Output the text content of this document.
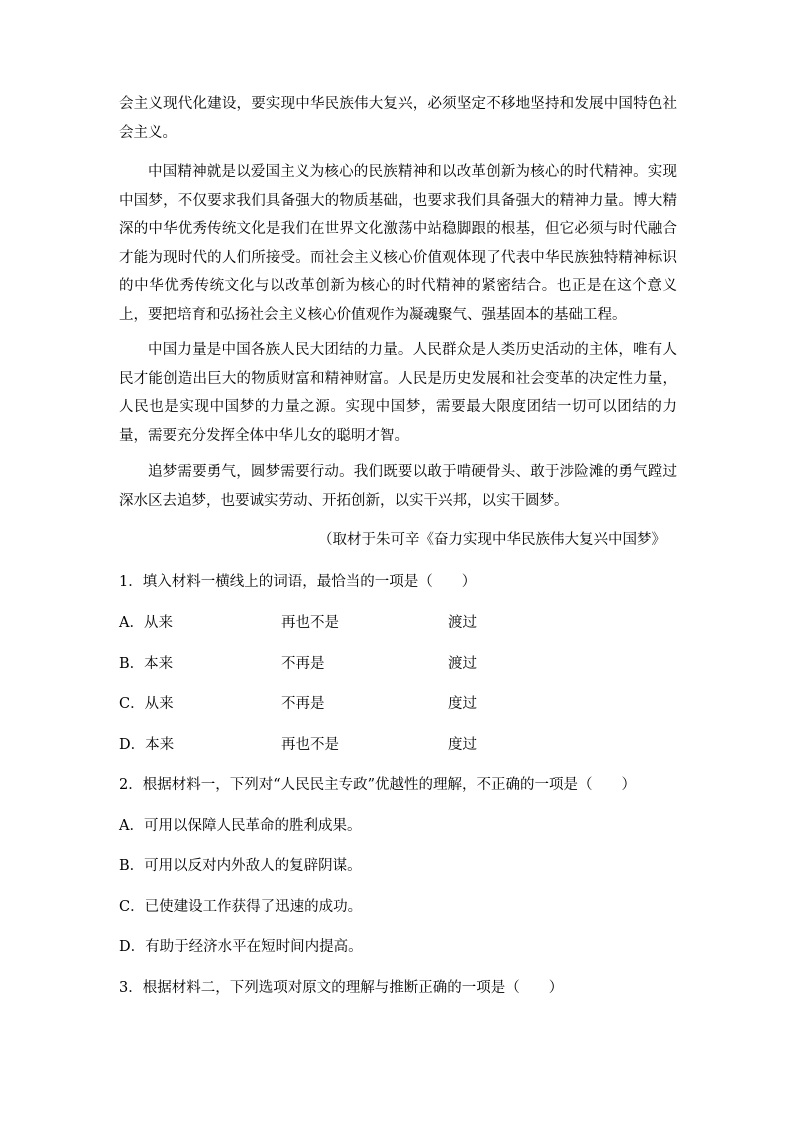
会主义现代化建设，要实现中华民族伟大复兴，必须坚定不移地坚持和发展中国特色社会主义。

中国精神就是以爱国主义为核心的民族精神和以改革创新为核心的时代精神。实现中国梦，不仅要求我们具备强大的物质基础，也要求我们具备强大的精神力量。博大精深的中华优秀传统文化是我们在世界文化激荡中站稳脚跟的根基，但它必须与时代融合才能为现时代的人们所接受。而社会主义核心价值观体现了代表中华民族独特精神标识的中华优秀传统文化与以改革创新为核心的时代精神的紧密结合。也正是在这个意义上，要把培育和弘扬社会主义核心价值观作为凝魂聚气、强基固本的基础工程。

中国力量是中国各族人民大团结的力量。人民群众是人类历史活动的主体，唯有人民才能创造出巨大的物质财富和精神财富。人民是历史发展和社会变革的决定性力量，人民也是实现中国梦的力量之源。实现中国梦，需要最大限度团结一切可以团结的力量，需要充分发挥全体中华儿女的聪明才智。

追梦需要勇气，圆梦需要行动。我们既要以敢于啃硬骨头、敢于涉险滩的勇气蹚过深水区去追梦，也要诚实劳动、开拓创新，以实干兴邦，以实干圆梦。

（取材于朱可辛《奋力实现中华民族伟大复兴中国梦》

1．填入材料一横线上的词语，最恰当的一项是（　　）

A．从来	再也不是	渡过
B．本来	不再是	渡过
C．从来	不再是	度过
D．本来	再也不是	度过

2．根据材料一，下列对“人民民主专政”优越性的理解，不正确的一项是（　　）

A．可用以保障人民革命的胜利成果。

B．可用以反对内外敌人的复辟阴谋。

C．已使建设工作获得了迅速的成功。

D．有助于经济水平在短时间内提高。

3．根据材料二，下列选项对原文的理解与推断正确的一项是（　　）
